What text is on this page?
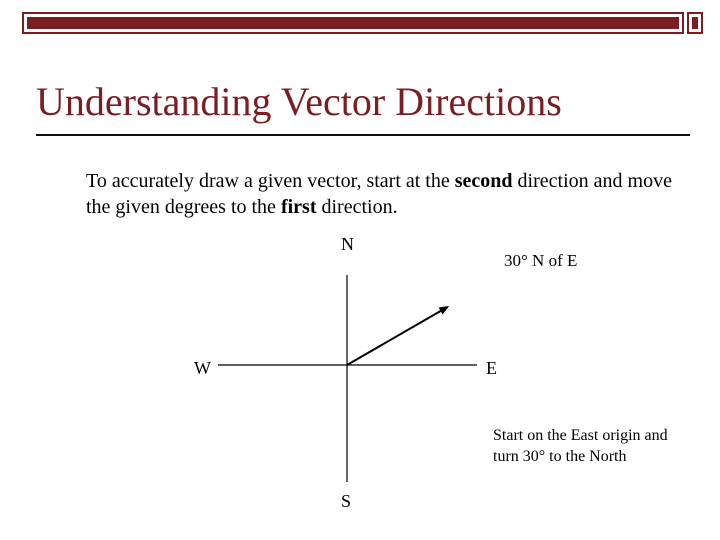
Understanding Vector Directions
To accurately draw a given vector, start at the second direction and move the given degrees to the first direction.
N
S
W	E
30° N of E
Start on the East origin and turn 30° to the North
